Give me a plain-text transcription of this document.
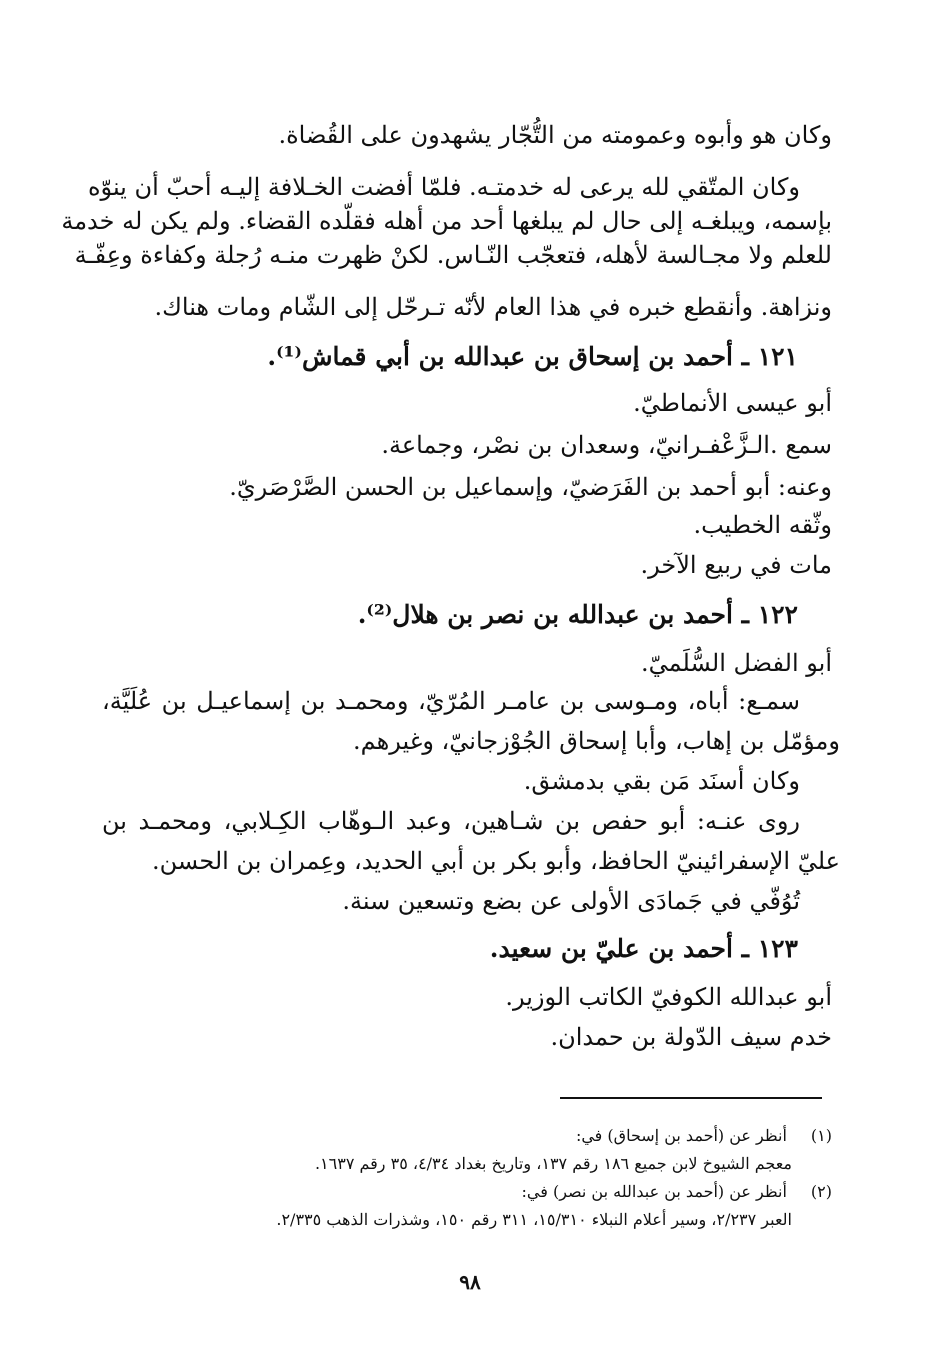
وكان هو وأبوه وعمومته من التُّجّار يشهدون على القُضاة.
وكان المتّقي لله يرعى له خدمتـه. فلمّا أفضت الخـلافة إليـه أحبّ أن ينوّه
بإسمه، ويبلغـه إلى حال لم يبلغها أحد من أهله فقلّده القضاء. ولم يكن له خدمة
للعلم ولا مجـالسة لأهله، فتعجّب النّـاس. لكنْ ظهرت منـه رُجلة وكفاءة وعِفّـة
ونزاهة. وأنقطع خبره في هذا العام لأنّه تـرحّل إلى الشّام ومات هناك.
١٢١ ـ أحمد بن إسحاق بن عبدالله بن أبي قماش⁽¹⁾.
أبو عيسى الأنماطيّ.
سمع .الـزَّعْفـرانيّ، وسعدان بن نصْر، وجماعة.
وعنه: أبو أحمد بن الفَرَضيّ، وإسماعيل بن الحسن الصَّرْصَريّ.
وثّقه الخطيب.
مات في ربيع الآخر.
١٢٢ ـ أحمد بن عبدالله بن نصر بن هلال⁽²⁾.
أبو الفضل السُّلَميّ.
سمـع: أباه، ومـوسى بن عامـر المُرّيّ، ومحمـد بن إسماعيـل بن عُلَيَّة،
ومؤمّل بن إهاب، وأبا إسحاق الجُوْزجانيّ، وغيرهم.
وكان أسنَد مَن بقي بدمشق.
روى عنـه: أبو حفص بن شـاهين، وعبد الـوهّاب الكِـلابي، ومحمـد بن
عليّ الإسفرائينيّ الحافظ، وأبو بكر بن أبي الحديد، وعِمران بن الحسن.
تُوُفّي في جَمادَى الأولى عن بضع وتسعين سنة.
١٢٣ ـ أحمد بن عليّ بن سعيد.
أبو عبدالله الكوفيّ الكاتب الوزير.
خدم سيف الدّولة بن حمدان.
(١) أنظر عن (أحمد بن إسحاق) في:
معجم الشيوخ لابن جميع ١٨٦ رقم ١٣٧، وتاريخ بغداد ٤/٣٤، ٣٥ رقم ١٦٣٧.
(٢) أنظر عن (أحمد بن عبدالله بن نصر) في:
العبر ٢/٢٣٧، وسير أعلام النبلاء ١٥/٣١٠، ٣١١ رقم ١٥٠، وشذرات الذهب ٢/٣٣٥.
٩٨
